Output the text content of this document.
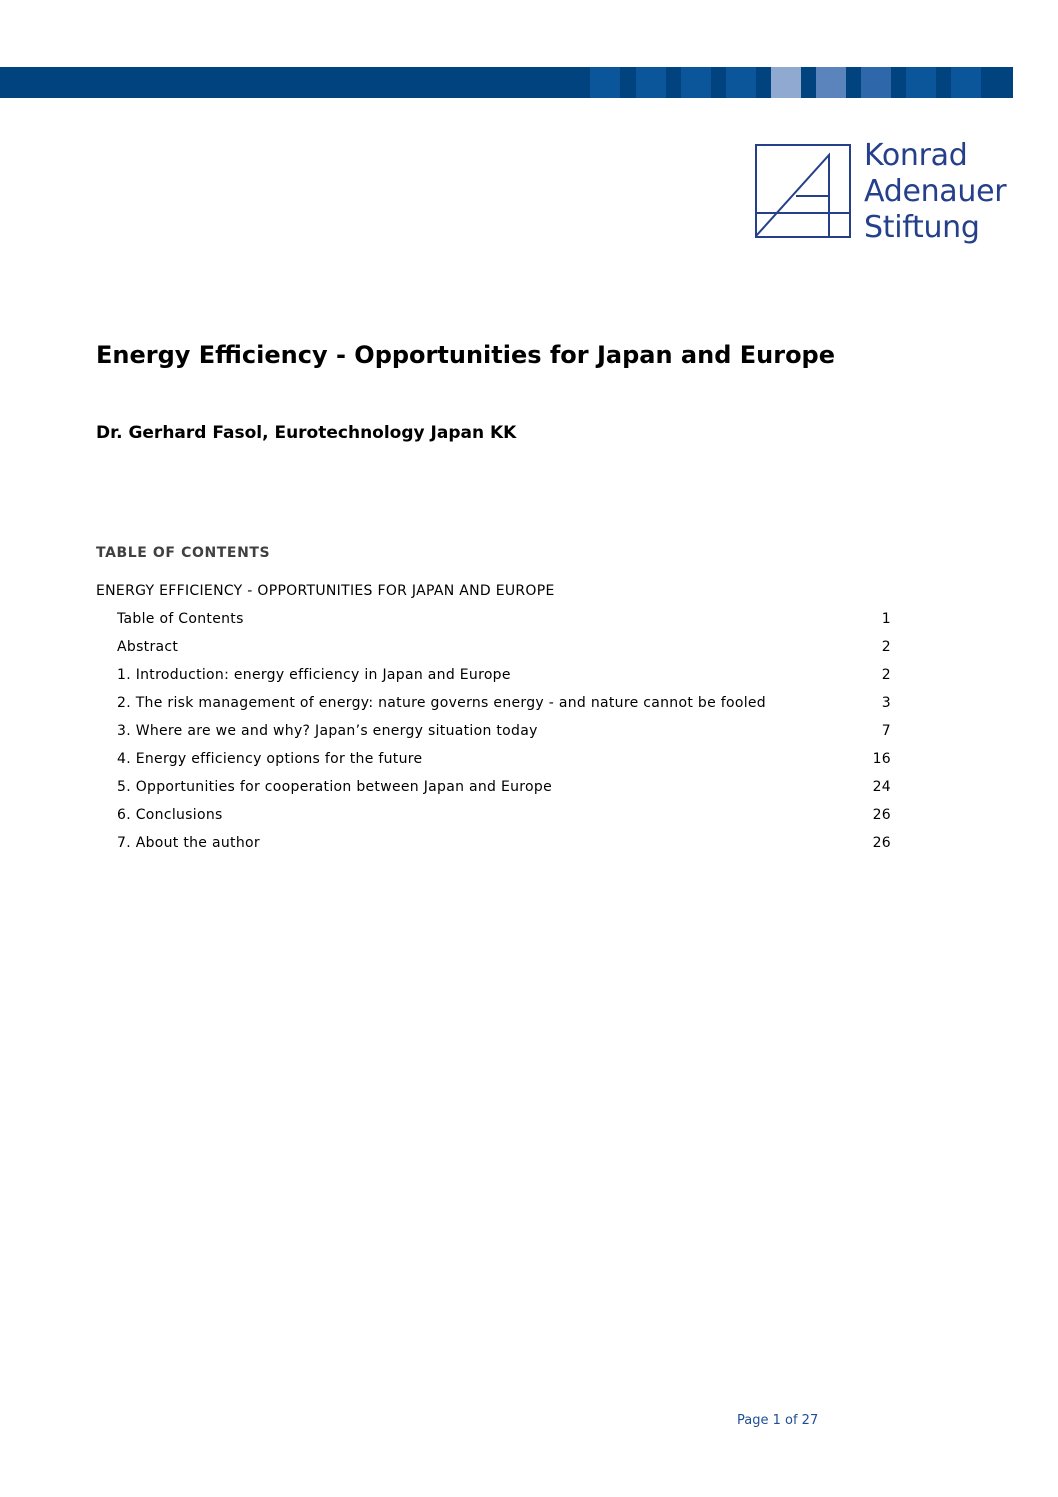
Konrad
Adenauer
Stiftung
Energy Efficiency - Opportunities for Japan and Europe
Dr. Gerhard Fasol, Eurotechnology Japan KK
TABLE OF CONTENTS
ENERGY EFFICIENCY - OPPORTUNITIES FOR JAPAN AND EUROPE
Table of Contents	1
Abstract	2
1. Introduction: energy efficiency in Japan and Europe	2
2. The risk management of energy: nature governs energy - and nature cannot be fooled	3
3. Where are we and why? Japan’s energy situation today	7
4. Energy efficiency options for the future	16
5. Opportunities for cooperation between Japan and Europe	24
6. Conclusions	26
7. About the author	26
Page 1 of 27
